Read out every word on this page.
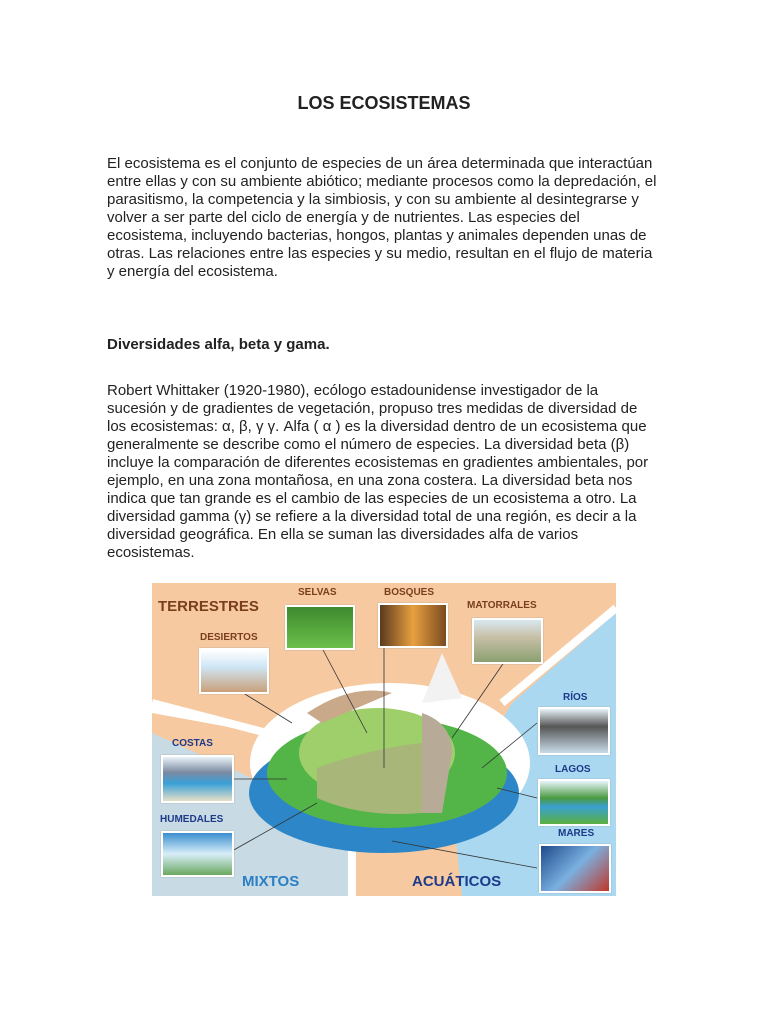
LOS ECOSISTEMAS
El ecosistema es el conjunto de especies de un área determinada que interactúan
entre ellas y con su ambiente abiótico; mediante procesos como la depredación, el
parasitismo, la competencia y la simbiosis, y con su ambiente al desintegrarse y
volver a ser parte del ciclo de energía y de nutrientes. Las especies del
ecosistema, incluyendo bacterias, hongos, plantas y animales dependen unas de
otras. Las relaciones entre las especies y su medio, resultan en el flujo de materia
y energía del ecosistema.
Diversidades alfa, beta y gama.
Robert Whittaker (1920-1980), ecólogo estadounidense investigador de la
sucesión y de gradientes de vegetación, propuso tres medidas de diversidad de
los ecosistemas: α, β, γ γ. Alfa ( α ) es la diversidad dentro de un ecosistema que
generalmente se describe como el número de especies. La diversidad beta (β)
incluye la comparación de diferentes ecosistemas en gradientes ambientales, por
ejemplo, en una zona montañosa, en una zona costera. La diversidad beta nos
indica que tan grande es el cambio de las especies de un ecosistema a otro. La
diversidad gamma (γ) se refiere a la diversidad total de una región, es decir a la
diversidad geográfica. En ella se suman las diversidades alfa de varios
ecosistemas.
TERRESTRES
SELVAS	BOSQUES
MATORRALES
DESIERTOS
COSTAS
HUMEDALES
RÍOS
LAGOS
MARES
MIXTOS	ACUÁTICOS
